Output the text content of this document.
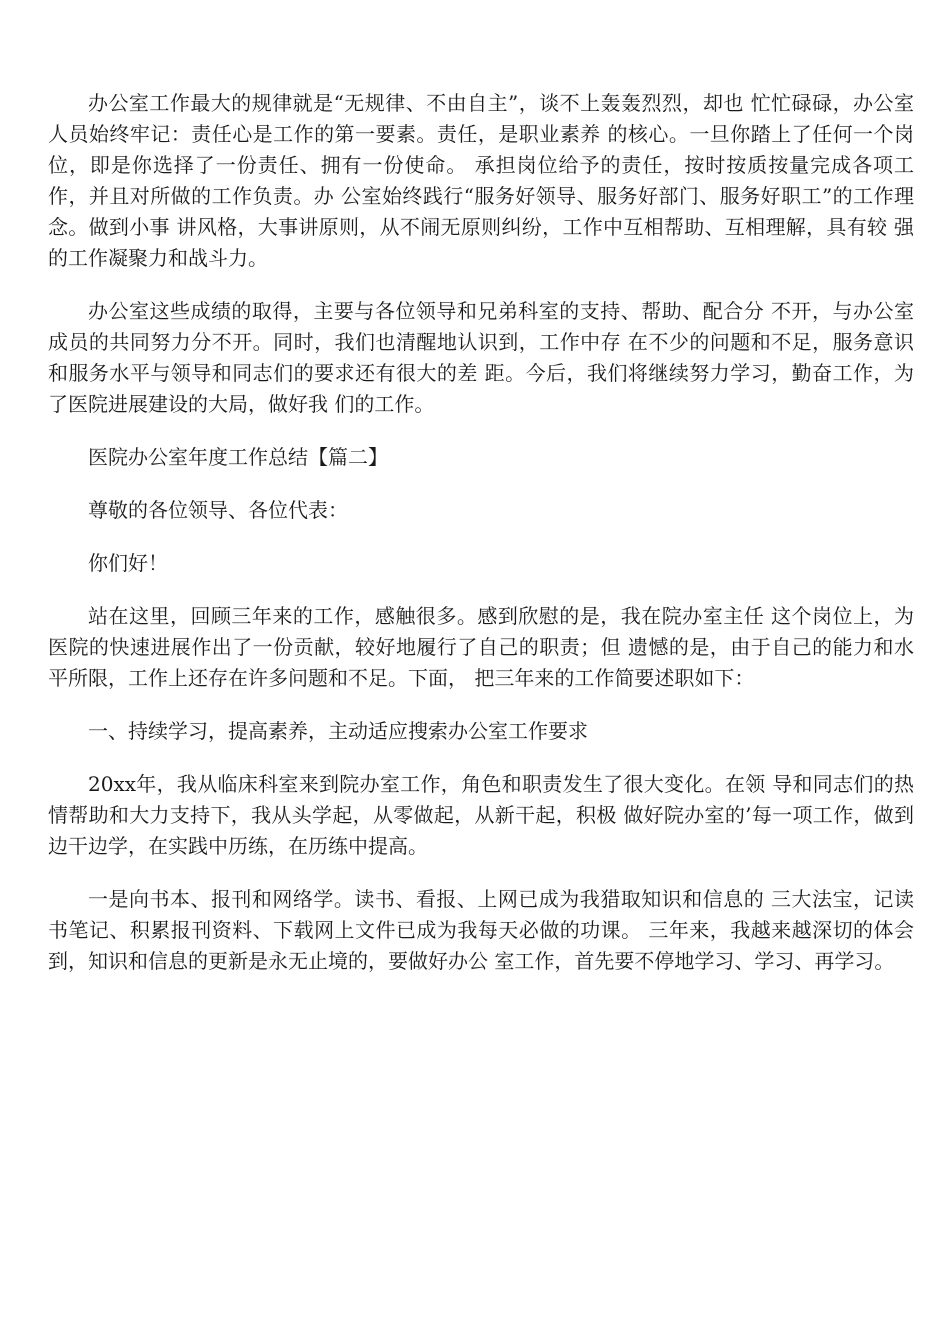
办公室工作最大的规律就是“无规律、不由自主”，谈不上轰轰烈烈，却也 忙忙碌碌，办公室人员始终牢记：责任心是工作的第一要素。责任，是职业素养 的核心。一旦你踏上了任何一个岗位，即是你选择了一份责任、拥有一份使命。 承担岗位给予的责任，按时按质按量完成各项工作，并且对所做的工作负责。办 公室始终践行“服务好领导、服务好部门、服务好职工”的工作理念。做到小事 讲风格，大事讲原则，从不闹无原则纠纷，工作中互相帮助、互相理解，具有较 强的工作凝聚力和战斗力。

办公室这些成绩的取得，主要与各位领导和兄弟科室的支持、帮助、配合分 不开，与办公室成员的共同努力分不开。同时，我们也清醒地认识到，工作中存 在不少的问题和不足，服务意识和服务水平与领导和同志们的要求还有很大的差 距。今后，我们将继续努力学习，勤奋工作，为了医院进展建设的大局，做好我 们的工作。

医院办公室年度工作总结【篇二】

尊敬的各位领导、各位代表：

你们好！

站在这里，回顾三年来的工作，感触很多。感到欣慰的是，我在院办室主任 这个岗位上，为医院的快速进展作出了一份贡献，较好地履行了自己的职责；但 遗憾的是，由于自己的能力和水平所限，工作上还存在许多问题和不足。下面， 把三年来的工作简要述职如下：

一、持续学习，提高素养，主动适应搜索办公室工作要求

20xx年，我从临床科室来到院办室工作，角色和职责发生了很大变化。在领 导和同志们的热情帮助和大力支持下，我从头学起，从零做起，从新干起，积极 做好院办室的’每一项工作，做到边干边学，在实践中历练，在历练中提高。

一是向书本、报刊和网络学。读书、看报、上网已成为我猎取知识和信息的 三大法宝，记读书笔记、积累报刊资料、下载网上文件已成为我每天必做的功课。 三年来，我越来越深切的体会到，知识和信息的更新是永无止境的，要做好办公 室工作，首先要不停地学习、学习、再学习。
